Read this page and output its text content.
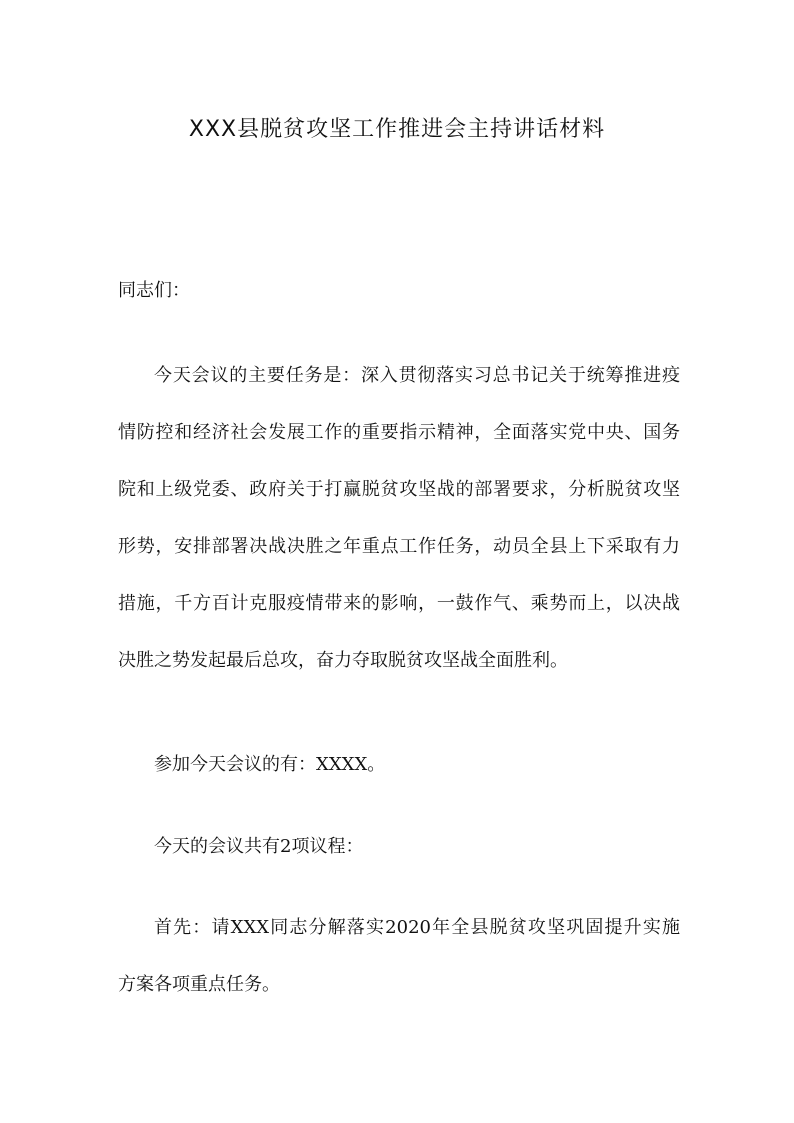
XXX县脱贫攻坚工作推进会主持讲话材料
同志们：
今天会议的主要任务是：深入贯彻落实习总书记关于统筹推进疫
情防控和经济社会发展工作的重要指示精神，全面落实党中央、国务
院和上级党委、政府关于打赢脱贫攻坚战的部署要求，分析脱贫攻坚
形势，安排部署决战决胜之年重点工作任务，动员全县上下采取有力
措施，千方百计克服疫情带来的影响，一鼓作气、乘势而上，以决战
决胜之势发起最后总攻，奋力夺取脱贫攻坚战全面胜利。
参加今天会议的有：XXXX。
今天的会议共有2项议程：
首先：请XXX同志分解落实2020年全县脱贫攻坚巩固提升实施
方案各项重点任务。
